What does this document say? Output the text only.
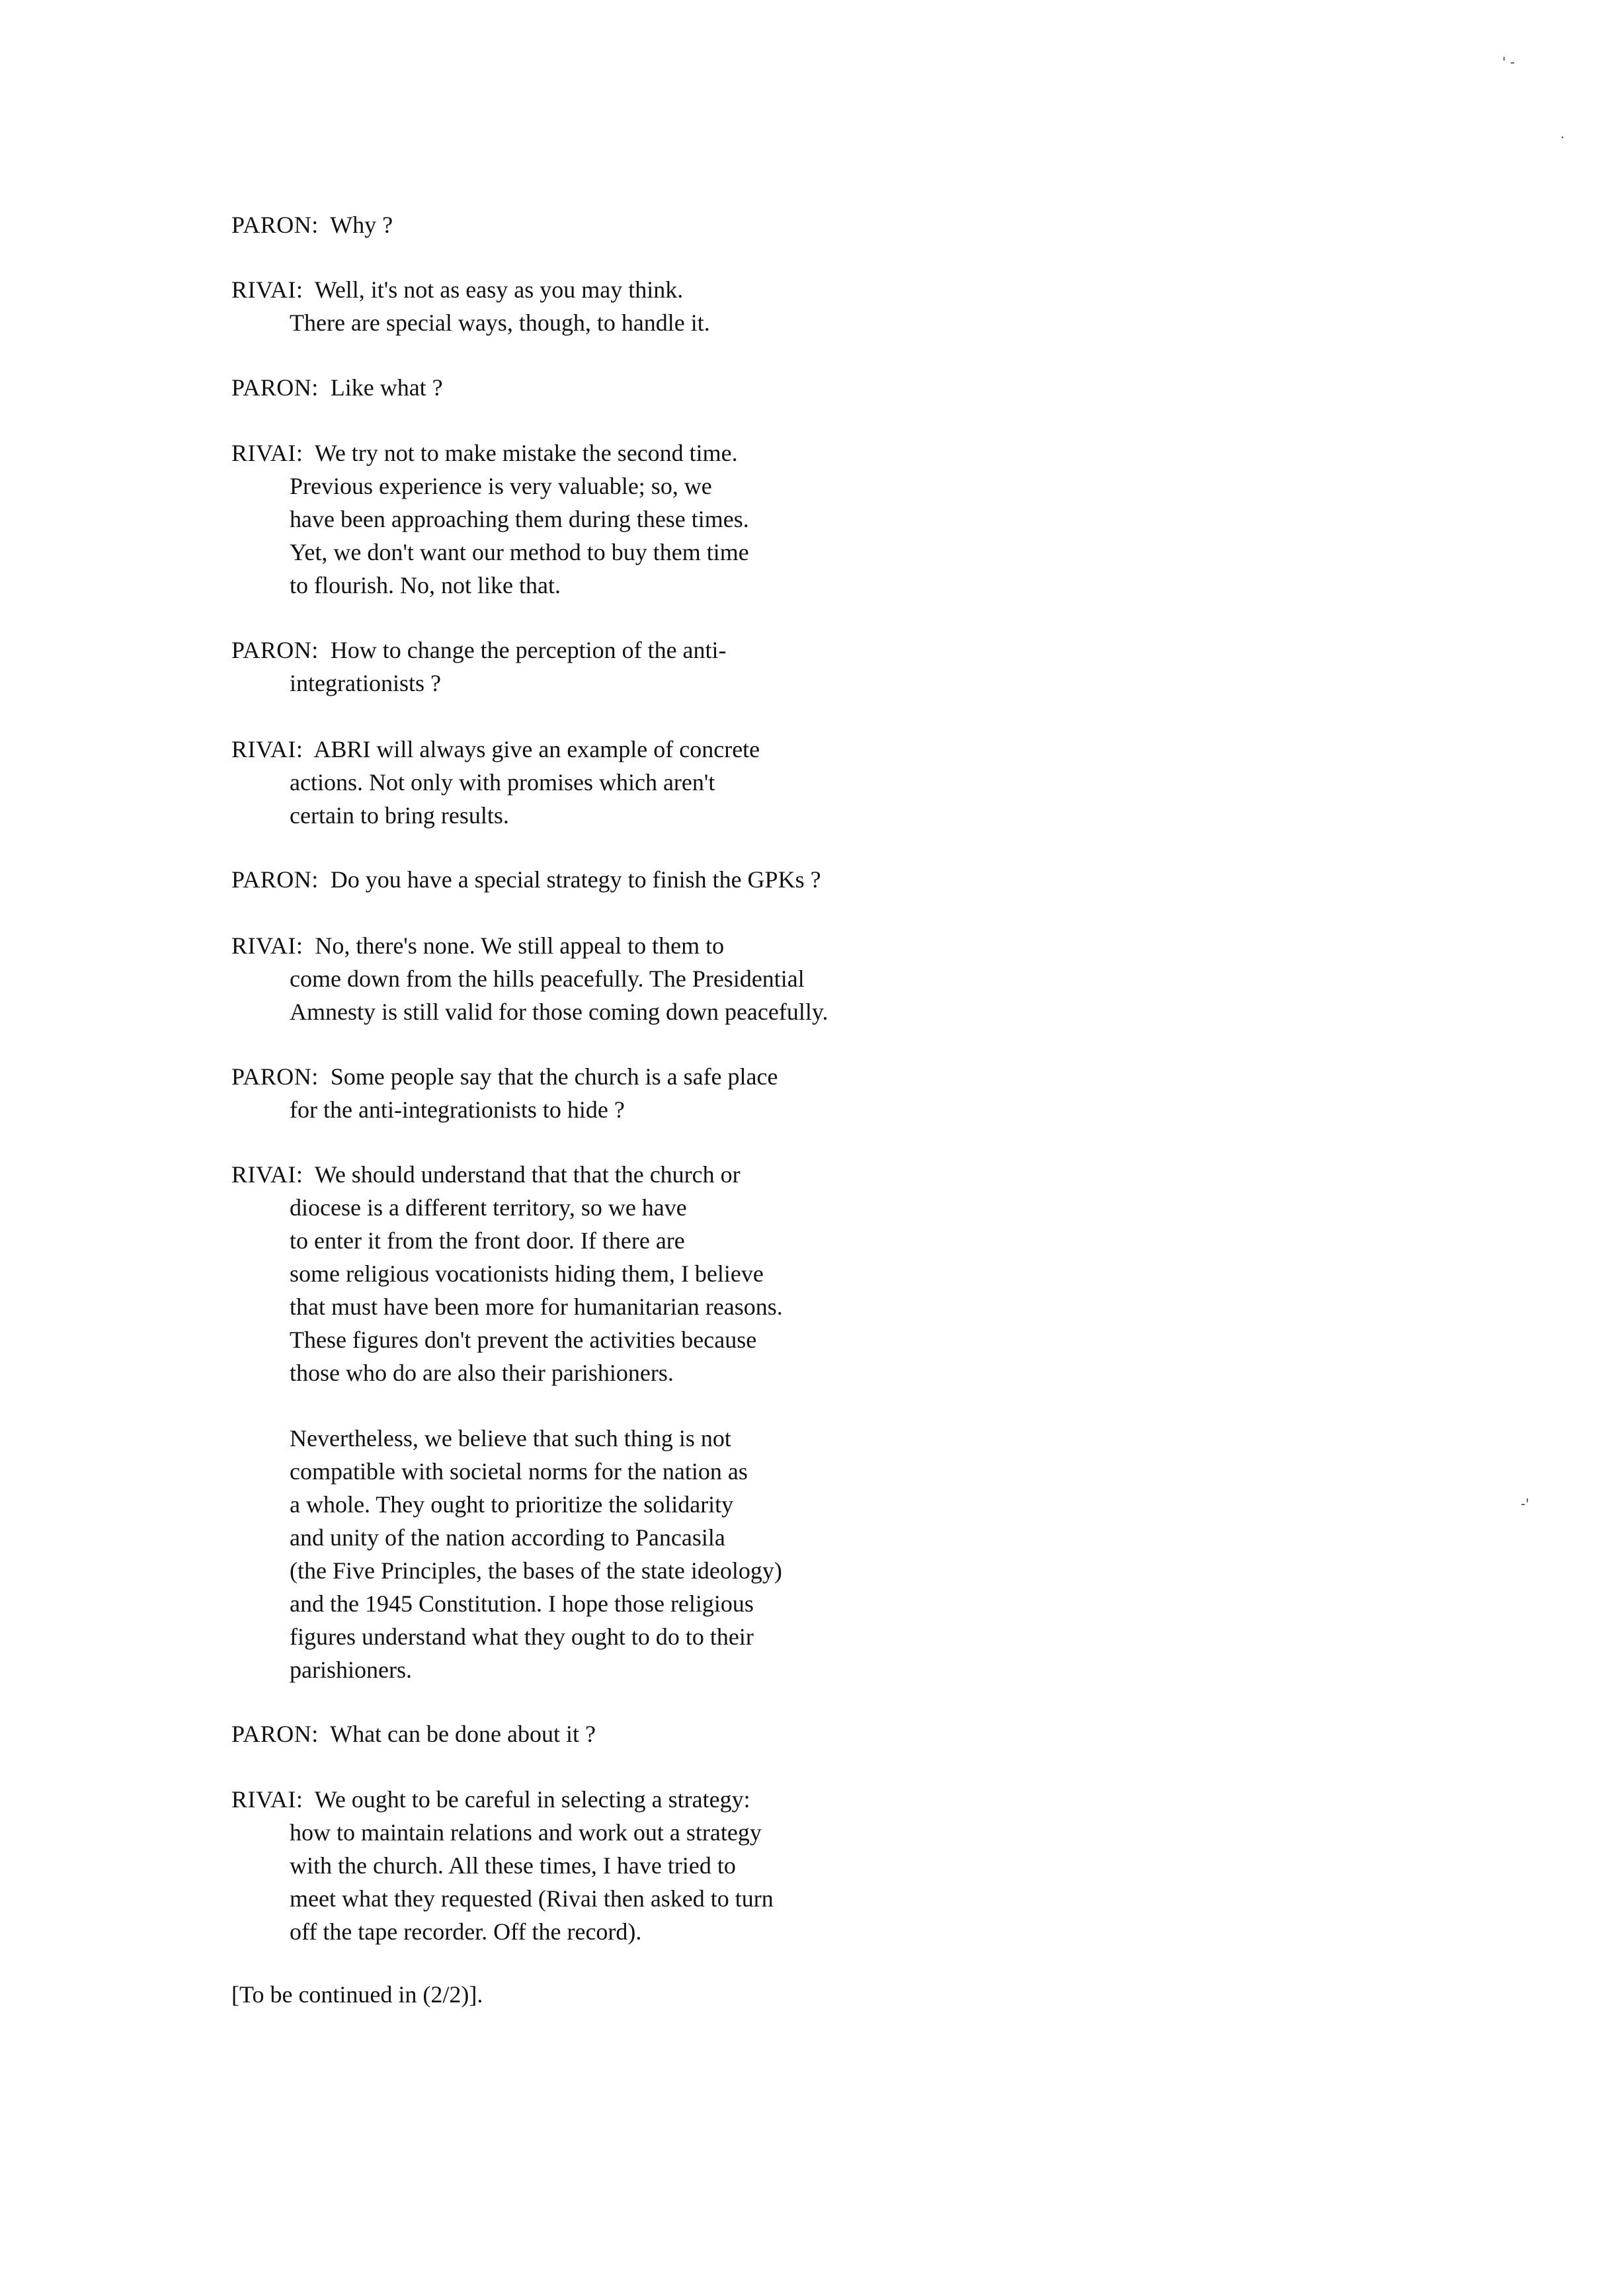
' -
.
-'
PARON: Why ?
RIVAI: Well, it's not as easy as you may think.
There are special ways, though, to handle it.
PARON: Like what ?
RIVAI: We try not to make mistake the second time.
Previous experience is very valuable; so, we
have been approaching them during these times.
Yet, we don't want our method to buy them time
to flourish. No, not like that.
PARON: How to change the perception of the anti-
integrationists ?
RIVAI: ABRI will always give an example of concrete
actions. Not only with promises which aren't
certain to bring results.
PARON: Do you have a special strategy to finish the GPKs ?
RIVAI: No, there's none. We still appeal to them to
come down from the hills peacefully. The Presidential
Amnesty is still valid for those coming down peacefully.
PARON: Some people say that the church is a safe place
for the anti-integrationists to hide ?
RIVAI: We should understand that that the church or
diocese is a different territory, so we have
to enter it from the front door. If there are
some religious vocationists hiding them, I believe
that must have been more for humanitarian reasons.
These figures don't prevent the activities because
those who do are also their parishioners.
Nevertheless, we believe that such thing is not
compatible with societal norms for the nation as
a whole. They ought to prioritize the solidarity
and unity of the nation according to Pancasila
(the Five Principles, the bases of the state ideology)
and the 1945 Constitution. I hope those religious
figures understand what they ought to do to their
parishioners.
PARON: What can be done about it ?
RIVAI: We ought to be careful in selecting a strategy:
how to maintain relations and work out a strategy
with the church. All these times, I have tried to
meet what they requested (Rivai then asked to turn
off the tape recorder. Off the record).
[To be continued in (2/2)].
